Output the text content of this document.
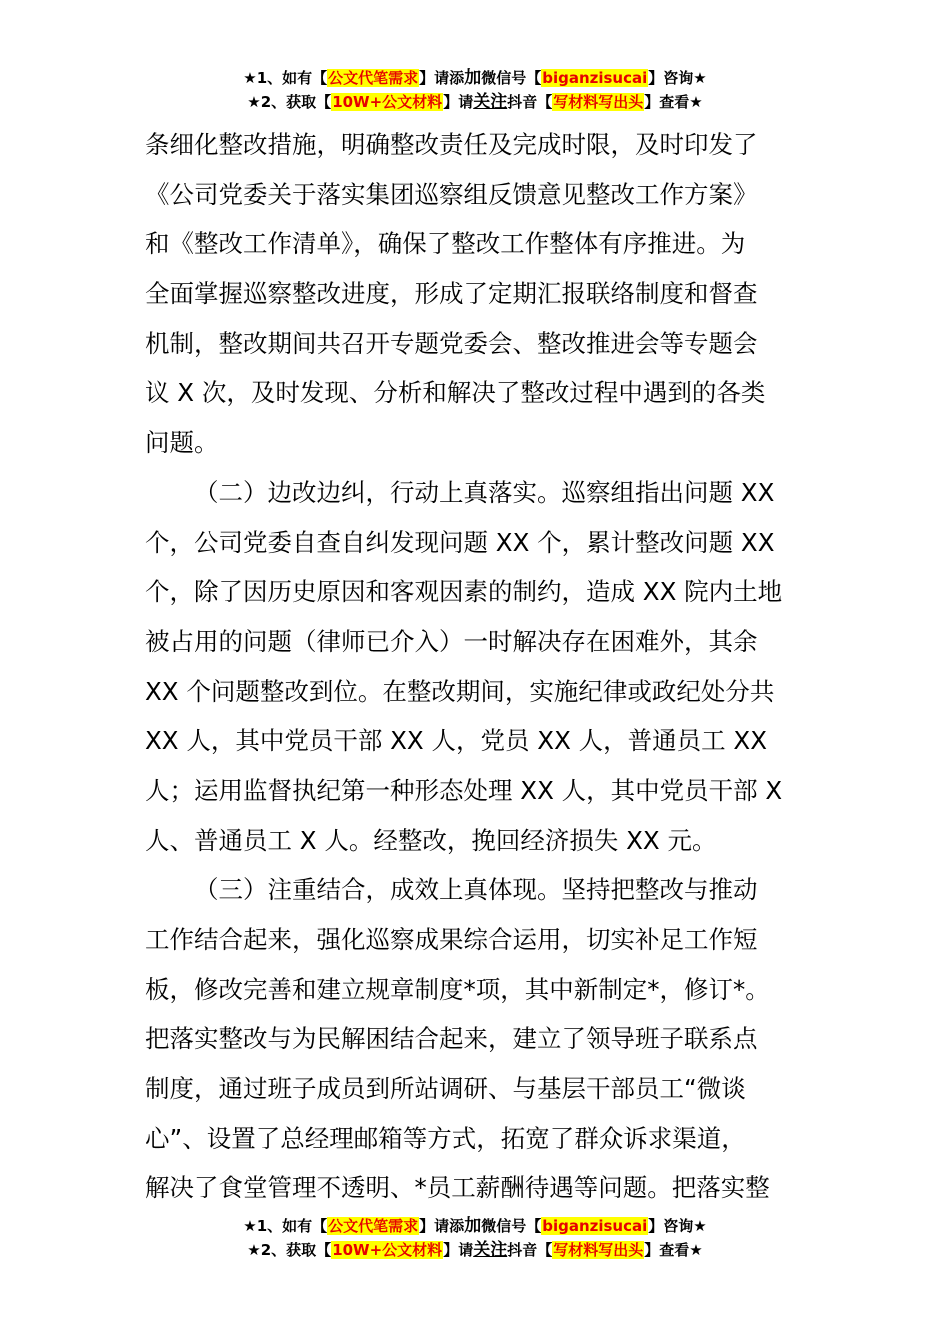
★1、如有【公文代笔需求】请添加微信号【biganzisucai】咨询★
★2、获取【10W+公文材料】请关注抖音【写材料写出头】查看★
条细化整改措施，明确整改责任及完成时限，及时印发了
《公司党委关于落实集团巡察组反馈意见整改工作方案》
和《整改工作清单》，确保了整改工作整体有序推进。为
全面掌握巡察整改进度，形成了定期汇报联络制度和督查
机制，整改期间共召开专题党委会、整改推进会等专题会
议 X 次，及时发现、分析和解决了整改过程中遇到的各类
问题。
（二）边改边纠，行动上真落实。巡察组指出问题 XX
个，公司党委自查自纠发现问题 XX 个，累计整改问题 XX
个，除了因历史原因和客观因素的制约，造成 XX 院内土地
被占用的问题（律师已介入）一时解决存在困难外，其余
XX 个问题整改到位。在整改期间，实施纪律或政纪处分共
XX 人，其中党员干部 XX 人，党员 XX 人，普通员工 XX
人；运用监督执纪第一种形态处理 XX 人，其中党员干部 X
人、普通员工 X 人。经整改，挽回经济损失 XX 元。
（三）注重结合，成效上真体现。坚持把整改与推动
工作结合起来，强化巡察成果综合运用，切实补足工作短
板，修改完善和建立规章制度*项，其中新制定*，修订*。
把落实整改与为民解困结合起来，建立了领导班子联系点
制度，通过班子成员到所站调研、与基层干部员工“微谈
心”、设置了总经理邮箱等方式，拓宽了群众诉求渠道，
解决了食堂管理不透明、*员工薪酬待遇等问题。把落实整
★1、如有【公文代笔需求】请添加微信号【biganzisucai】咨询★
★2、获取【10W+公文材料】请关注抖音【写材料写出头】查看★
